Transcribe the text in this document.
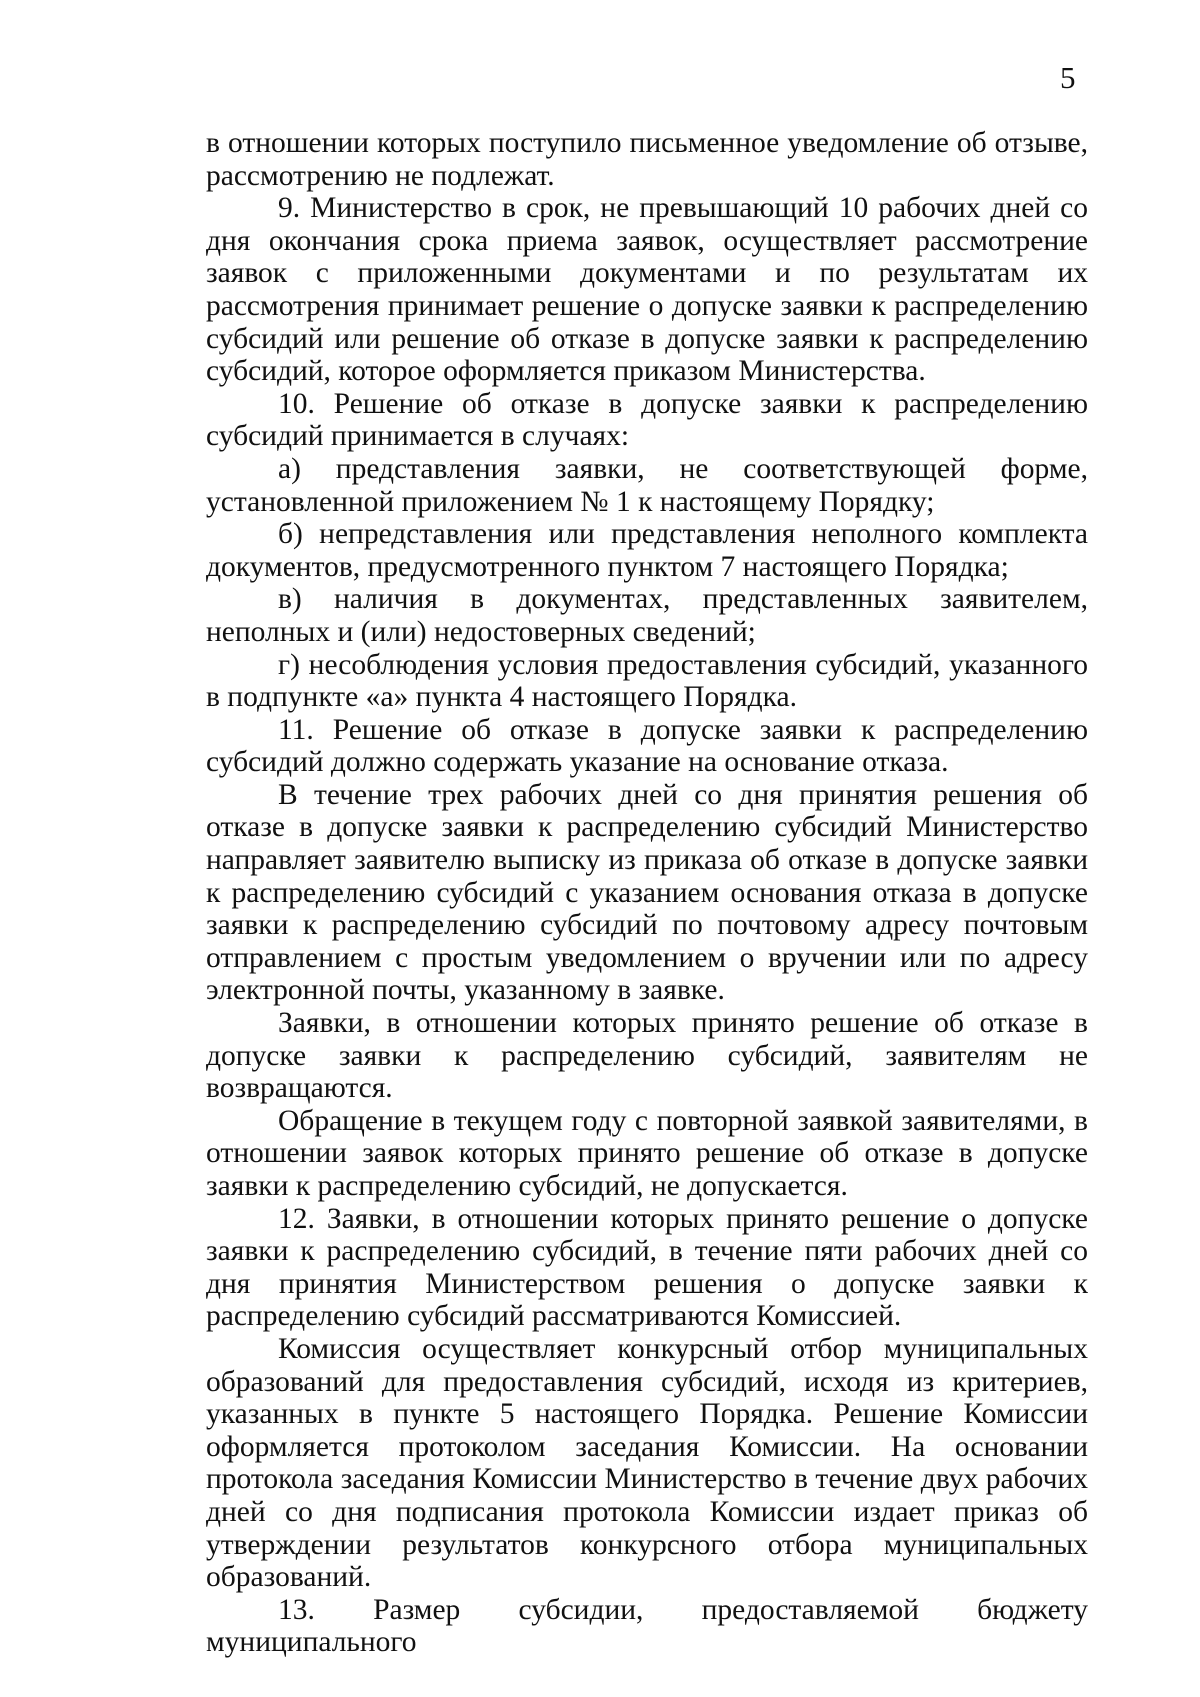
5

в отношении которых поступило письменное уведомление об отзыве, рассмотрению не подлежат.

9. Министерство в срок, не превышающий 10 рабочих дней со дня окончания срока приема заявок, осуществляет рассмотрение заявок с приложенными документами и по результатам их рассмотрения принимает решение о допуске заявки к распределению субсидий или решение об отказе в допуске заявки к распределению субсидий, которое оформляется приказом Министерства.

10. Решение об отказе в допуске заявки к распределению субсидий принимается в случаях:

а) представления заявки, не соответствующей форме, установленной приложением № 1 к настоящему Порядку;

б) непредставления или представления неполного комплекта документов, предусмотренного пунктом 7 настоящего Порядка;

в) наличия в документах, представленных заявителем, неполных и (или) недостоверных сведений;

г) несоблюдения условия предоставления субсидий, указанного в подпункте «а» пункта 4 настоящего Порядка.

11. Решение об отказе в допуске заявки к распределению субсидий должно содержать указание на основание отказа.

В течение трех рабочих дней со дня принятия решения об отказе в допуске заявки к распределению субсидий Министерство направляет заявителю выписку из приказа об отказе в допуске заявки к распределению субсидий с указанием основания отказа в допуске заявки к распределению субсидий по почтовому адресу почтовым отправлением с простым уведомлением о вручении или по адресу электронной почты, указанному в заявке.

Заявки, в отношении которых принято решение об отказе в допуске заявки к распределению субсидий, заявителям не возвращаются.

Обращение в текущем году с повторной заявкой заявителями, в отношении заявок которых принято решение об отказе в допуске заявки к распределению субсидий, не допускается.

12. Заявки, в отношении которых принято решение о допуске заявки к распределению субсидий, в течение пяти рабочих дней со дня принятия Министерством решения о допуске заявки к распределению субсидий рассматриваются Комиссией.

Комиссия осуществляет конкурсный отбор муниципальных образований для предоставления субсидий, исходя из критериев, указанных в пункте 5 настоящего Порядка. Решение Комиссии оформляется протоколом заседания Комиссии. На основании протокола заседания Комиссии Министерство в течение двух рабочих дней со дня подписания протокола Комиссии издает приказ об утверждении результатов конкурсного отбора муниципальных образований.

13. Размер субсидии, предоставляемой бюджету муниципального
